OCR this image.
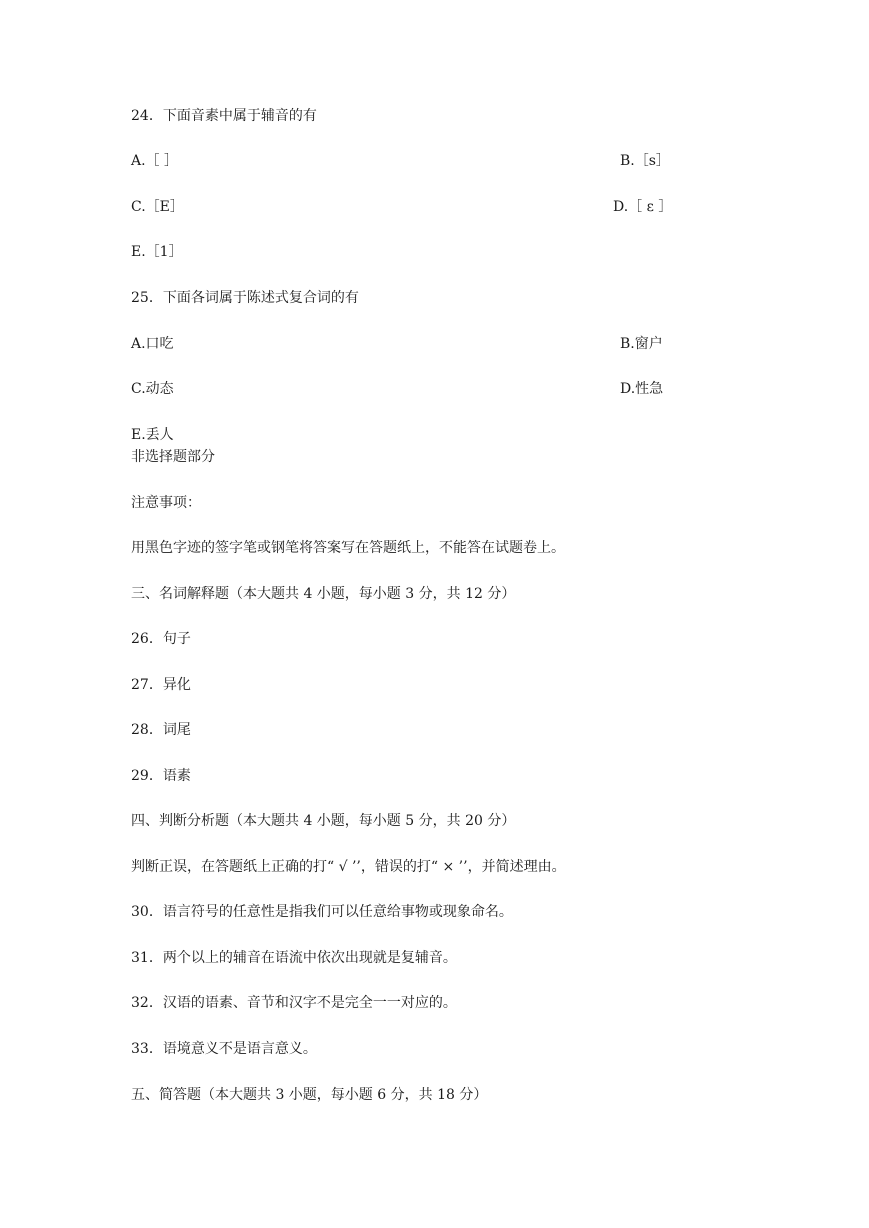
24．下面音素中属于辅音的有
A.［ ］	B.［s］
C.［E］	D.［ ε ］
E.［1］
25．下面各词属于陈述式复合词的有
A.口吃	B.窗户
C.动态	D.性急
E.丢人
非选择题部分
注意事项：
用黑色字迹的签字笔或钢笔将答案写在答题纸上，不能答在试题卷上。
三、名词解释题（本大题共 4 小题，每小题 3 分，共 12 分）
26．句子
27．异化
28．词尾
29．语素
四、判断分析题（本大题共 4 小题，每小题 5 分，共 20 分）
判断正误，在答题纸上正确的打“ √ ’’，错误的打“ × ’’，并简述理由。
30．语言符号的任意性是指我们可以任意给事物或现象命名。
31．两个以上的辅音在语流中依次出现就是复辅音。
32．汉语的语素、音节和汉字不是完全一一对应的。
33．语境意义不是语言意义。
五、简答题（本大题共 3 小题，每小题 6 分，共 18 分）
